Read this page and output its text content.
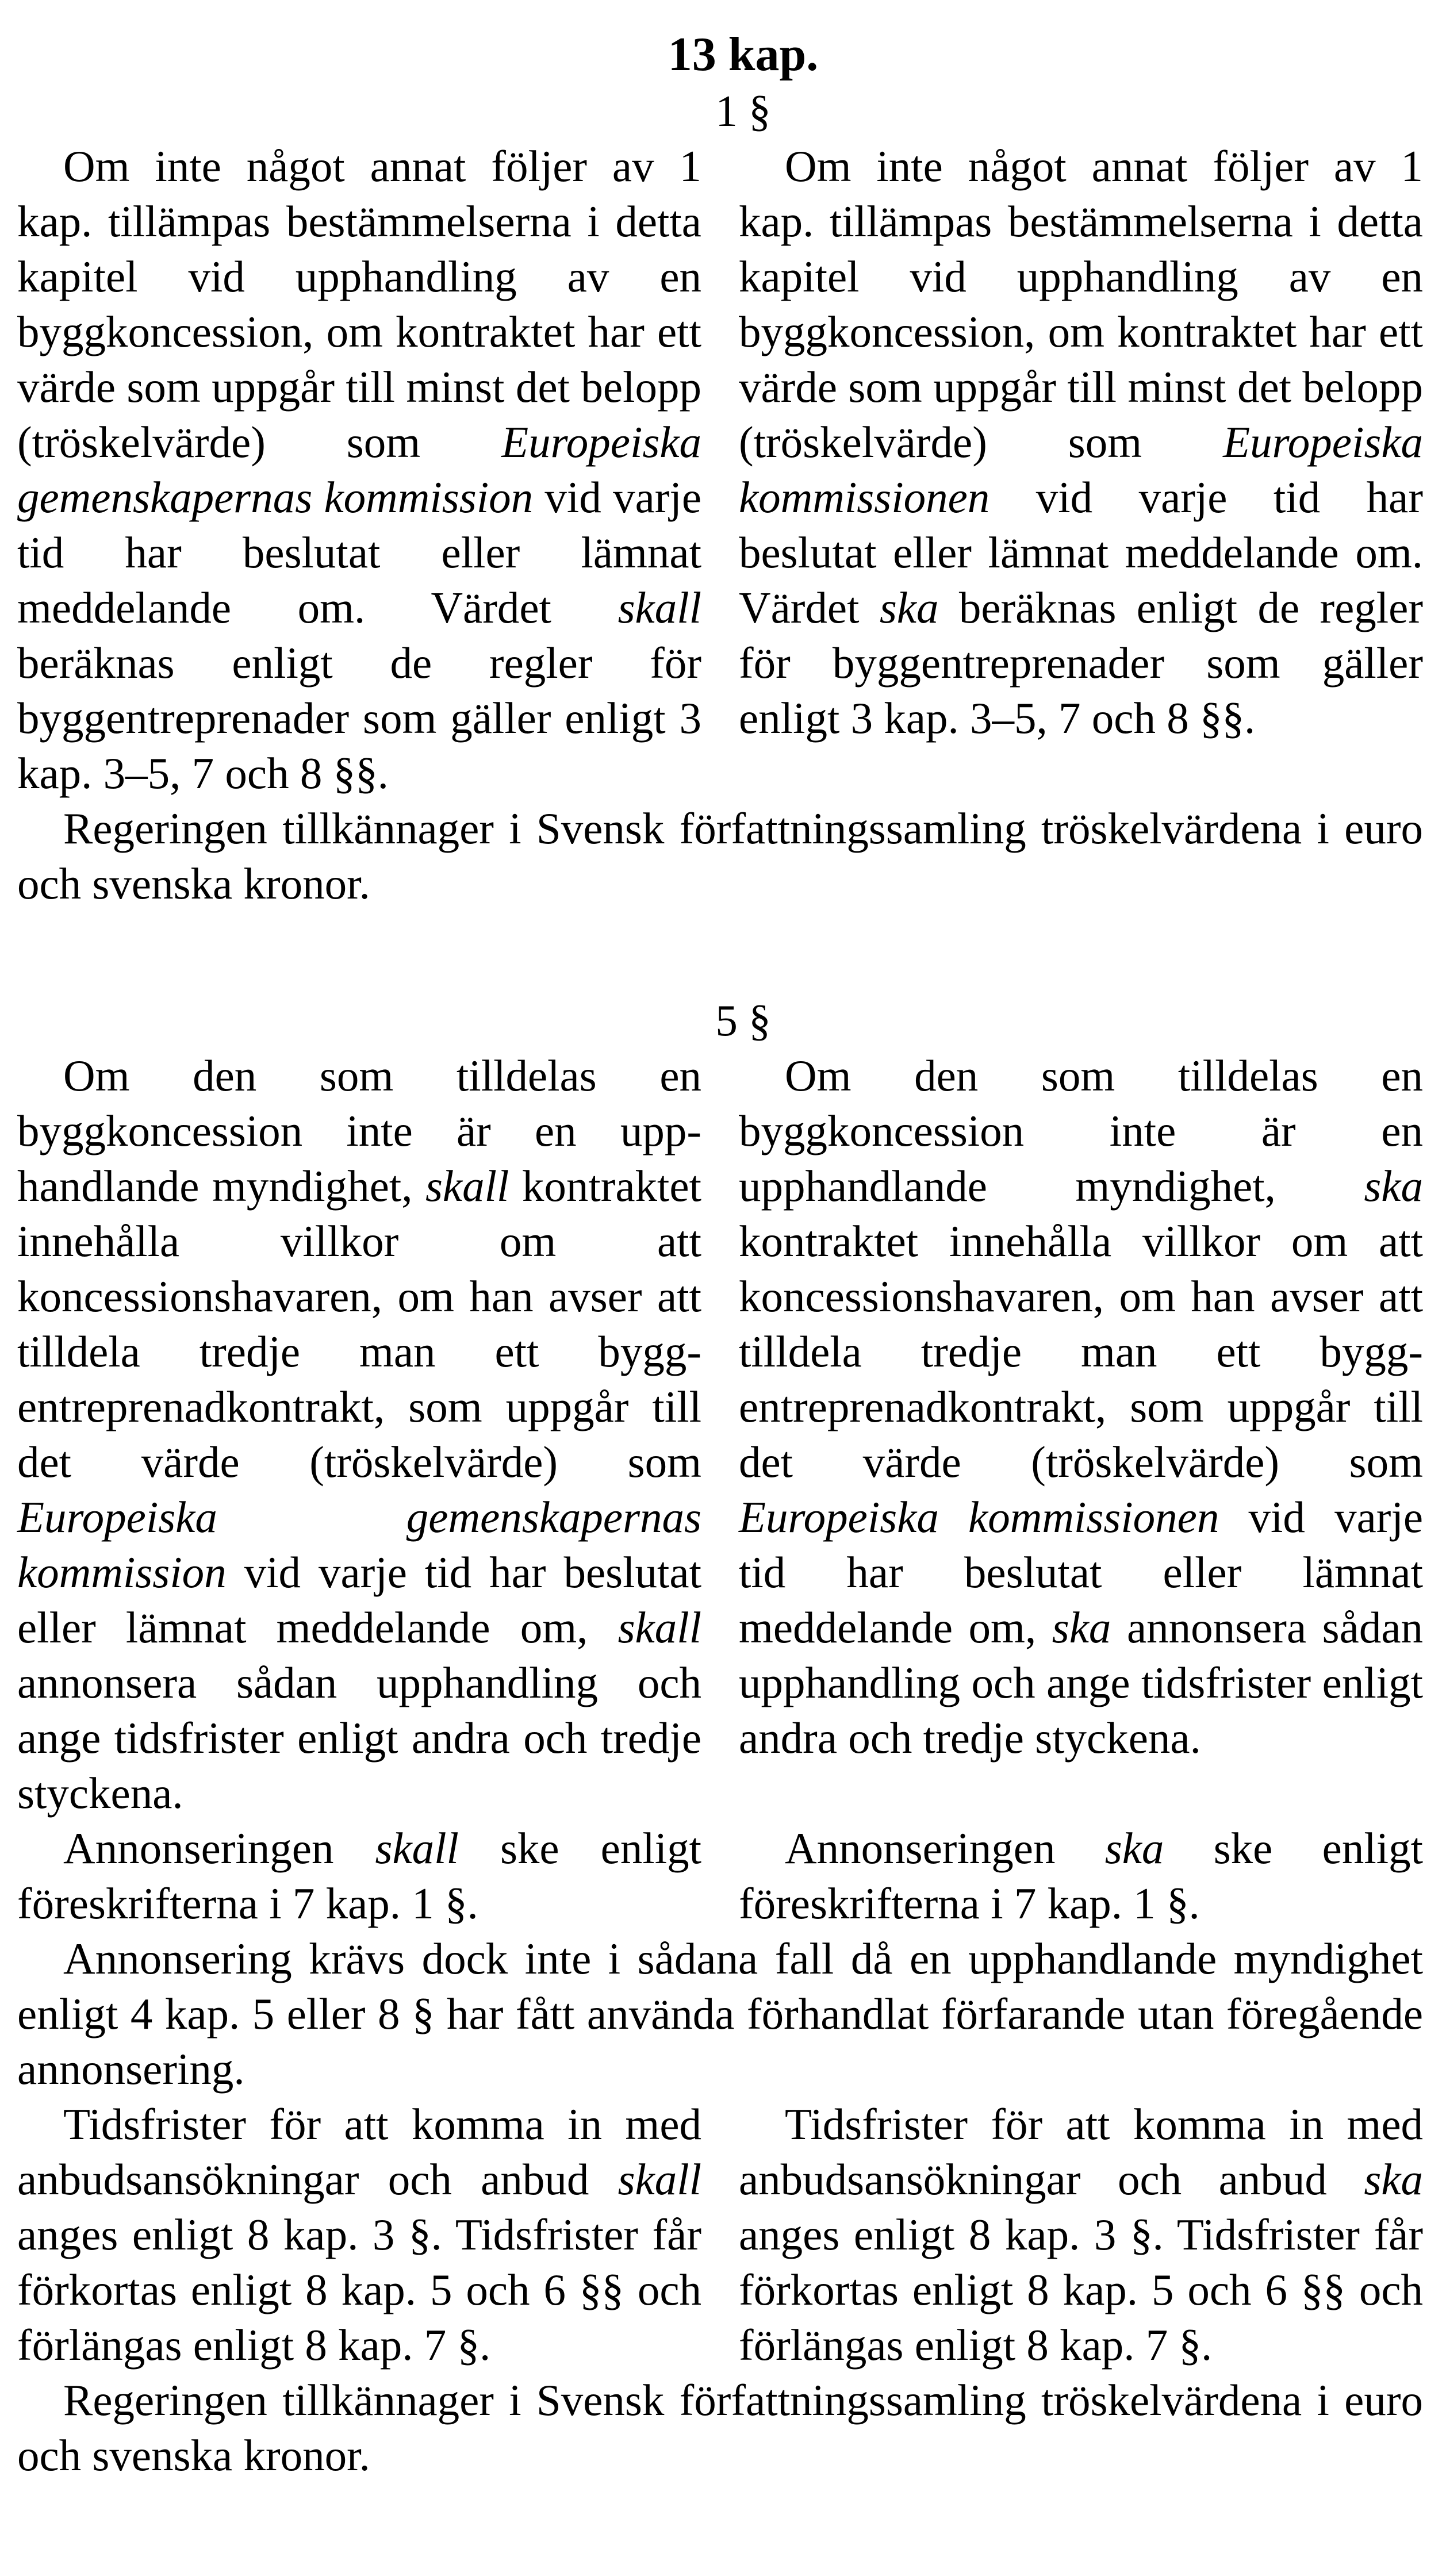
13 kap.
1 §

Om inte något annat följer av 1 kap. tillämpas bestämmelserna i detta kapitel vid upphandling av en byggkoncession, om kontraktet har ett värde som uppgår till minst det belopp (tröskelvärde) som Europeiska gemenskapernas kommission vid varje tid har beslutat eller lämnat meddelande om. Värdet skall beräknas enligt de regler för byggentreprenader som gäller enligt 3 kap. 3–5, 7 och 8 §§.

Om inte något annat följer av 1 kap. tillämpas bestämmelserna i detta kapitel vid upphandling av en byggkoncession, om kontraktet har ett värde som uppgår till minst det belopp (tröskelvärde) som Europeiska kommissionen vid varje tid har beslutat eller lämnat meddelande om. Värdet ska beräknas enligt de regler för byggentreprenader som gäller enligt 3 kap. 3–5, 7 och 8 §§.

Regeringen tillkännager i Svensk författningssamling tröskelvärdena i euro och svenska kronor.

5 §

Om den som tilldelas en byggkoncession inte är en upphandlande myndighet, skall kontraktet innehålla villkor om att koncessionshavaren, om han avser att tilldela tredje man ett byggentreprenadkontrakt, som uppgår till det värde (tröskelvärde) som Europeiska gemenskapernas kommission vid varje tid har beslutat eller lämnat meddelande om, skall annonsera sådan upphandling och ange tidsfrister enligt andra och tredje styckena.

Om den som tilldelas en byggkoncession inte är en upphandlande myndighet, ska kontraktet innehålla villkor om att koncessionshavaren, om han avser att tilldela tredje man ett byggentreprenadkontrakt, som uppgår till det värde (tröskelvärde) som Europeiska kommissionen vid varje tid har beslutat eller lämnat meddelande om, ska annonsera sådan upphandling och ange tidsfrister enligt andra och tredje styckena.

Annonseringen skall ske enligt föreskrifterna i 7 kap. 1 §.

Annonseringen ska ske enligt föreskrifterna i 7 kap. 1 §.

Annonsering krävs dock inte i sådana fall då en upphandlande myndighet enligt 4 kap. 5 eller 8 § har fått använda förhandlat förfarande utan föregående annonsering.

Tidsfrister för att komma in med anbudsansökningar och anbud skall anges enligt 8 kap. 3 §. Tidsfrister får förkortas enligt 8 kap. 5 och 6 §§ och förlängas enligt 8 kap. 7 §.

Tidsfrister för att komma in med anbudsansökningar och anbud ska anges enligt 8 kap. 3 §. Tidsfrister får förkortas enligt 8 kap. 5 och 6 §§ och förlängas enligt 8 kap. 7 §.

Regeringen tillkännager i Svensk författningssamling tröskelvärdena i euro och svenska kronor.
